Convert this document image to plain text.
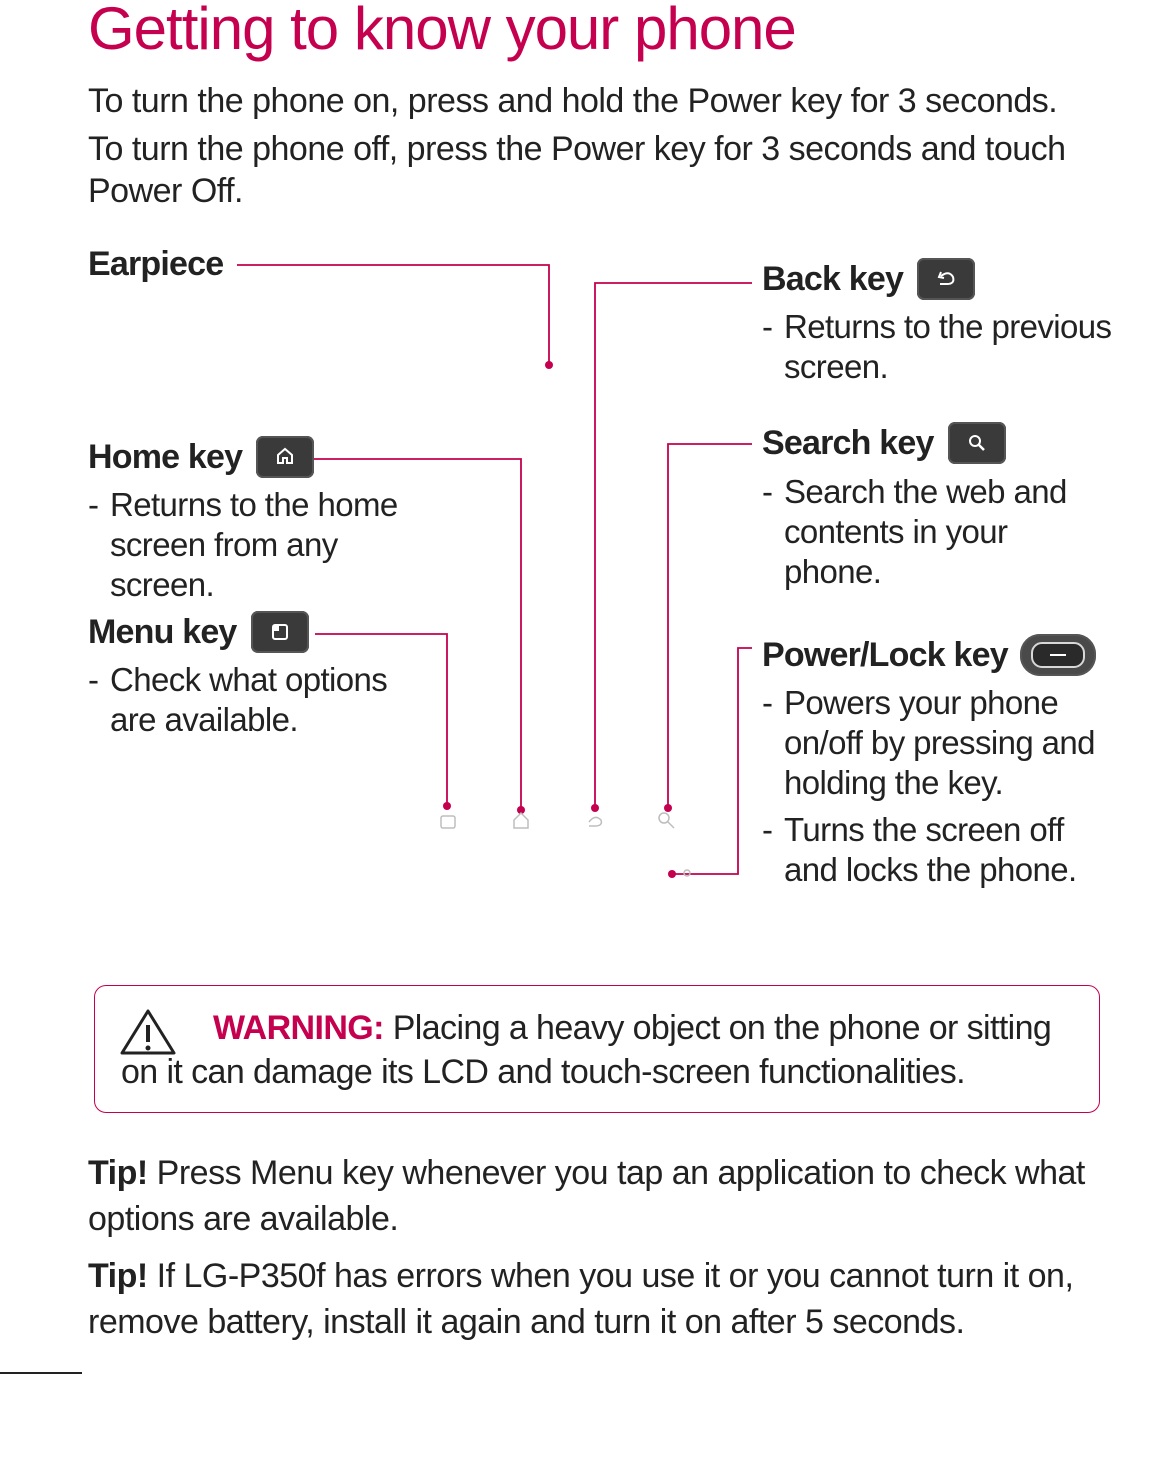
Getting to know your phone
To turn the phone on, press and hold the Power key for 3 seconds.
To turn the phone off, press the Power key for 3 seconds and touch Power Off.
Earpiece
Home key
- Returns to the home screen from any screen.
Menu key
- Check what options are available.
Back key
- Returns to the previous screen.
Search key
- Search the web and contents in your phone.
Power/Lock key
- Powers your phone on/off by pressing and holding the key.
- Turns the screen off and locks the phone.
WARNING: Placing a heavy object on the phone or sitting on it can damage its LCD and touch-screen functionalities.
Tip! Press Menu key whenever you tap an application to check what options are available.
Tip! If LG-P350f has errors when you use it or you cannot turn it on, remove battery, install it again and turn it on after 5 seconds.
